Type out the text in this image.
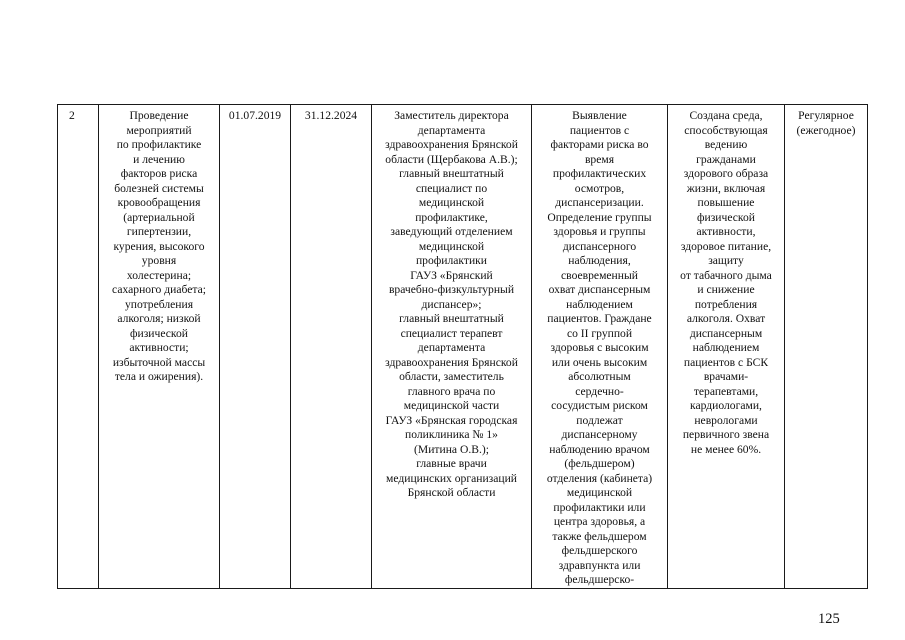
2	Проведение
мероприятий
по профилактике
и лечению
факторов риска
болезней системы
кровообращения
(артериальной
гипертензии,
курения, высокого
уровня
холестерина;
сахарного диабета;
употребления
алкоголя; низкой
физической
активности;
избыточной массы
тела и ожирения).	01.07.2019	31.12.2024	Заместитель директора
департамента
здравоохранения Брянской
области (Щербакова А.В.);
главный внештатный
специалист по
медицинской
профилактике,
заведующий отделением
медицинской
профилактики
ГАУЗ «Брянский
врачебно-физкультурный
диспансер»;
главный внештатный
специалист терапевт
департамента
здравоохранения Брянской
области, заместитель
главного врача по
медицинской части
ГАУЗ «Брянская городская
поликлиника № 1»
(Митина О.В.);
главные врачи
медицинских организаций
Брянской области	Выявление
пациентов с
факторами риска во
время
профилактических
осмотров,
диспансеризации.
Определение группы
здоровья и группы
диспансерного
наблюдения,
своевременный
охват диспансерным
наблюдением
пациентов. Граждане
со II группой
здоровья с высоким
или очень высоким
абсолютным
сердечно-
сосудистым риском
подлежат
диспансерному
наблюдению врачом
(фельдшером)
отделения (кабинета)
медицинской
профилактики или
центра здоровья, а
также фельдшером
фельдшерского
здравпункта или
фельдшерско-	Создана среда,
способствующая
ведению
гражданами
здорового образа
жизни, включая
повышение
физической
активности,
здоровое питание,
защиту
от табачного дыма
и снижение
потребления
алкоголя. Охват
диспансерным
наблюдением
пациентов с БСК
врачами-
терапевтами,
кардиологами,
неврологами
первичного звена
не менее 60%.	Регулярное
(ежегодное)
125
